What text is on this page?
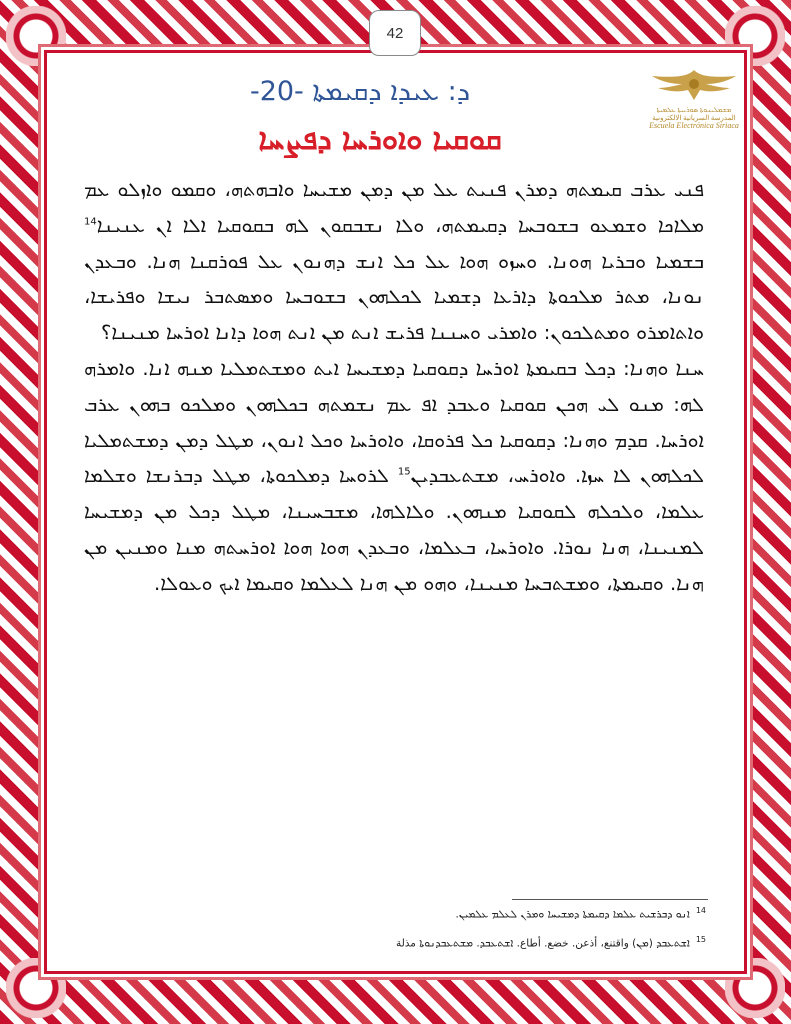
42
ܡܫܡܠܝܢܘܬܐ ܣܘܪܝܝܬܐ ܥܠܡܝܬܐ
المدرسة السريانية الالكترونية
Escuela Electrónica Siriaca
ܕ: ܥܝܕܐ ܕܩܝܡܬܐ -20-
ܩܘܩܝܐ ܘܐܘܪܚܐ ܕܦܨܚܐ

ܦܢܝ ܥܪܒ ܩܝܡܬܗ ܕܡܪܢ ܦܢܝܬ ܥܠ ܡܢ ܕܡܢ ܡܫܝܚܐ ܘܐܒܗܬܗ، ܘܩܡܘ ܘܐܙܠܘ ܥܡ ܡܠܐܟܐ ܘܫܡܥܘ ܒܫܘܒܚܐ ܕܩܝܡܬܗ، ܘܠܐ ܢܫܒܩܘܢ ܠܗ ܒܩܘܩܝܐ ܐܠܐ ܐܢ ܥܢܝܢܐ$^{14}$ ܒܫܡܝܐ ܘܒܪܝܐ ܗܘܢܐ. ܘܚܙܘ ܗܘܐ ܥܠ ܟܠ ܐܢܫ ܕܗܢܘܢ ܥܠ ܦܘܪܩܢܐ ܗܢܐ. ܘܒܥܕܢ ܢܘܢܐ، ܡܬܪ ܡܠܟܘܬܐ ܕܐܪܥܐ ܕܫܡܝܐ ܠܟܠܗܘܢ ܒܫܘܒܚܐ ܘܡܣܬܒܪ ܢܝܫܐ ܘܦܪܝܫܐ، ܘܐܬܐܡܪܘ ܘܡܬܠܟܘܢ: ܘܐܡܪܝ ܘܚܢܢܐ ܦܪܝܫ ܐܢܬ ܡܢ ܐܢܬ ܗܘܐ ܕܐܢܐ ܐܘܪܚܐ ܡܢܝܢܐ؟

ܚܢܐ ܘܗܢܐ: ܕܟܠ ܒܩܝܡܬܐ ܐܘܪܚܐ ܕܩܘܩܝܐ ܕܡܫܝܚܐ ܐܝܬ ܘܡܫܬܡܠܝܐ ܡܢܗ ܐܢܐ. ܘܐܡܪܗ ܠܗ: ܡܢܘ ܠܝ ܗܟܢ ܩܘܩܝܐ ܘܥܒܕ ܐܦ ܥܡ ܢܫܡܬܗ ܒܟܠܗܘܢ ܘܡܠܟܘ ܒܗܘܢ ܥܪܒ ܐܘܪܚܐ. ܩܕܡ ܘܗܢܐ: ܕܩܘܩܝܐ ܟܠ ܦܪܘܩܐ، ܘܐܘܪܚܐ ܘܟܠ ܐܢܘܢ، ܡܛܠ ܕܡܢ ܕܡܫܬܡܠܝܐ ܠܟܠܗܘܢ ܠܐ ܚܙܐ. ܘܐܘܪܚ، ܡܫܬܥܒܕܝܢ$^{15}$ ܠܪܘܚܐ ܕܡܠܟܘܬܐ، ܡܛܠ ܕܒܪܢܫܐ ܘܫܠܡܐ ܥܠܡܐ، ܘܠܟܠܗ ܠܩܘܩܝܐ ܡܢܗܘܢ. ܘܠܐܠܗܐ، ܡܫܒܚܝܢܐ، ܡܛܠ ܕܟܠ ܡܢ ܕܡܫܝܚܐ ܠܡܢܝܢܐ، ܗܢܐ ܢܘܪܐ. ܘܐܘܪܚܐ، ܒܥܠܡܐ، ܘܒܥܕܢ ܗܘܐ ܗܘܐ ܐܘܪܚܬܗ ܡܢܐ ܘܡܢܝܢ ܡܢ ܗܢܐ. ܘܩܝܡܬܐ، ܘܡܫܬܒܚܐ ܡܢܝܢܐ، ܘܗܘ ܡܢ ܗܢܐ ܠܥܠܡܐ ܘܩܝܡܐ ܐܝܟ ܘܥܘܠܐ.

$^{14}$ܐܢܘ ܕܒܪܫܝܬ ܥܠܡܐ ܕܩܝܡܬܐ ܕܡܫܝܚܐ ܘܡܪܢ ܠܥܠܡ ܥܠܡܝܢ.
$^{15}$ܐܫܬܥܒܕ (ܡܢ) واقتنع، أذعن. خضع. أطاع. ܐܫܬܥܒܕ. ܡܫܬܥܒܕܢܘܬܐ مذلة
